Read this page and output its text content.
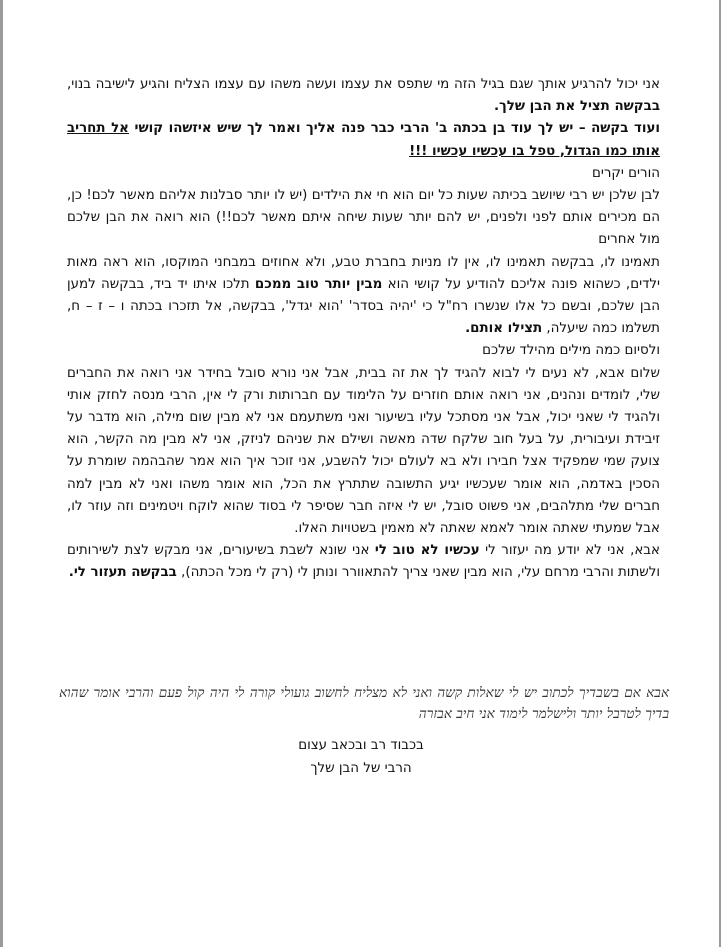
אני יכול להרגיע אותך שגם בגיל הזה מי שתפס את עצמו ועשה משהו עם עצמו הצליח והגיע לישיבה בנוי, בבקשה תציל את הבן שלך.

ועוד בקשה – יש לך עוד בן בכתה ב' הרבי כבר פנה אליך ואמר לך שיש איזשהו קושי אל תחריב אותו כמו הגדול, טפל בו עכשיו עכשיו !!!

הורים יקרים

לבן שלכן יש רבי שיושב בכיתה שעות כל יום הוא חי את הילדים (יש לו יותר סבלנות אליהם מאשר לכם! כן, הם מכירים אותם לפני ולפנים, יש להם יותר שעות שיחה איתם מאשר לכם!!) הוא רואה את הבן שלכם מול אחרים

תאמינו לו, בבקשה תאמינו לו, אין לו מניות בחברת טבע, ולא אחוזים במבחני המוקסו, הוא ראה מאות ילדים, כשהוא פונה אליכם להודיע על קושי הוא מבין יותר טוב ממכם תלכו איתו יד ביד, בבקשה למען הבן שלכם, ובשם כל אלו שנשרו רח"ל כי 'יהיה בסדר' 'הוא יגדל', בבקשה, אל תזכרו בכתה ו – ז – ח, תשלמו כמה שיעלה, תצילו אותם.

ולסיום כמה מילים מהילד שלכם

שלום אבא, לא נעים לי לבוא להגיד לך את זה בבית, אבל אני נורא סובל בחידר אני רואה את החברים שלי, לומדים ונהנים, אני רואה אותם חוזרים על הלימוד עם חברותות ורק לי אין, הרבי מנסה לחזק אותי ולהגיד לי שאני יכול, אבל אני מסתכל עליו בשיעור ואני משתעמם אני לא מבין שום מילה, הוא מדבר על זיבידת ועיבורית, על בעל חוב שלקח שדה מאשה ושילם את שניהם לניזק, אני לא מבין מה הקשר, הוא צועק שמי שמפקיד אצל חבירו ולא בא לעולם יכול להשבע, אני זוכר איך הוא אמר שהבהמה שומרת על הסכין באדמה, הוא אומר שעכשיו יגיע התשובה שתתרץ את הכל, הוא אומר משהו ואני לא מבין למה חברים שלי מתלהבים, אני פשוט סובל, יש לי איזה חבר שסיפר לי בסוד שהוא לוקח ויטמינים וזה עוזר לו, אבל שמעתי שאתה אומר לאמא שאתה לא מאמין בשטויות האלו.

אבא, אני לא יודע מה יעזור לי עכשיו לא טוב לי אני שונא לשבת בשיעורים, אני מבקש לצת לשירותים ולשתות והרבי מרחם עלי, הוא מבין שאני צריך להתאוורר ונותן לי (רק לי מכל הכתה), בבקשה תעזור לי.

אבא אם בשבדיך לכתוב יש לי שאלות קשה ואני לא מצליח לחשוב גועולי קורה לי היה קול פעם והרבי אומר שהוא בדיך לטרבל יותר ולישלמר לימוד אני חיב אבזרה
בכבוד רב ובכאב עצום
הרבי של הבן שלך
